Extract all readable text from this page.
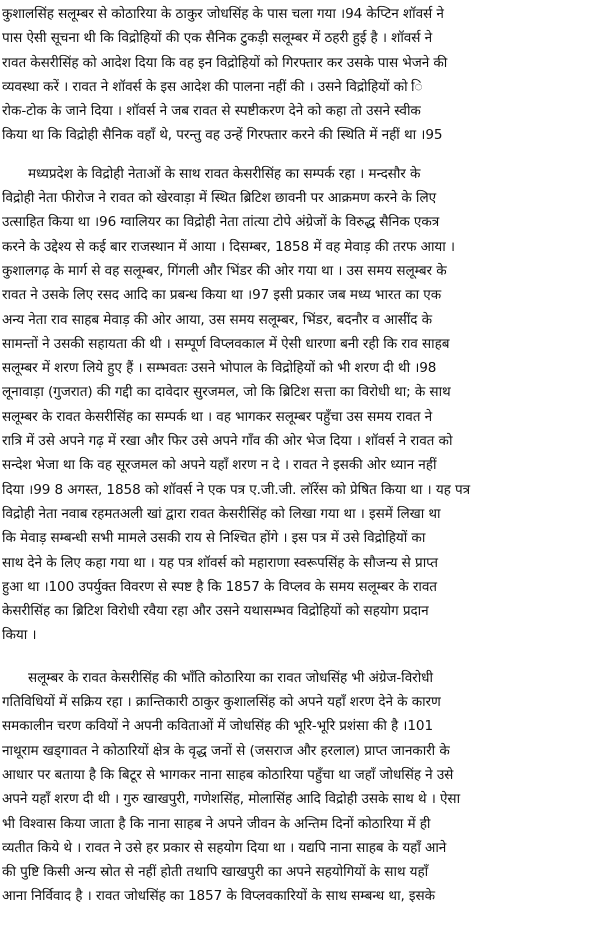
कुशालसिंह सलूम्बर से कोठारिया के ठाकुर जोधसिंह के पास चला गया ।94 केप्टिन शॉवर्स ने
पास ऐसी सूचना थी कि विद्रोहियों की एक सैनिक टुकड़ी सलूम्बर में ठहरी हुई है । शॉवर्स ने
रावत केसरीसिंह को आदेश दिया कि वह इन विद्रोहियों को गिरफ्तार कर उसके पास भेजने की
व्यवस्था करें । रावत ने शॉवर्स के इस आदेश की पालना नहीं की । उसने विद्रोहियों को ि
रोक-टोक के जाने दिया । शॉवर्स ने जब रावत से स्पष्टीकरण देने को कहा तो उसने स्वीक
किया था कि विद्रोही सैनिक वहाँ थे, परन्तु वह उन्हें गिरफ्तार करने की स्थिति में नहीं था ।95
मध्यप्रदेश के विद्रोही नेताओं के साथ रावत केसरीसिंह का सम्पर्क रहा । मन्दसौर के
विद्रोही नेता फीरोज ने रावत को खेरवाड़ा में स्थित ब्रिटिश छावनी पर आक्रमण करने के लिए
उत्साहित किया था ।96 ग्वालियर का विद्रोही नेता तांत्या टोपे अंग्रेजों के विरुद्ध सैनिक एकत्र
करने के उद्देश्य से कई बार राजस्थान में आया । दिसम्बर, 1858 में वह मेवाड़ की तरफ आया ।
कुशालगढ़ के मार्ग से वह सलूम्बर, गिंगली और भिंडर की ओर गया था । उस समय सलूम्बर के
रावत ने उसके लिए रसद आदि का प्रबन्ध किया था ।97 इसी प्रकार जब मध्य भारत का एक
अन्य नेता राव साहब मेवाड़ की ओर आया, उस समय सलूम्बर, भिंडर, बदनौर व आसींद के
सामन्तों ने उसकी सहायता की थी । सम्पूर्ण विप्लवकाल में ऐसी धारणा बनी रही कि राव साहब
सलूम्बर में शरण लिये हुए हैं । सम्भवतः उसने भोपाल के विद्रोहियों को भी शरण दी थी ।98
लूनावाड़ा (गुजरात) की गद्दी का दावेदार सुरजमल, जो कि ब्रिटिश सत्ता का विरोधी था; के साथ
सलूम्बर के रावत केसरीसिंह का सम्पर्क था । वह भागकर सलूम्बर पहुँचा उस समय रावत ने
रात्रि में उसे अपने गढ़ में रखा और फिर उसे अपने गाँव की ओर भेज दिया । शॉवर्स ने रावत को
सन्देश भेजा था कि वह सूरजमल को अपने यहाँ शरण न दे । रावत ने इसकी ओर ध्यान नहीं
दिया ।99 8 अगस्त, 1858 को शॉवर्स ने एक पत्र ए.जी.जी. लॉरेंस को प्रेषित किया था । यह पत्र
विद्रोही नेता नवाब रहमतअली खां द्वारा रावत केसरीसिंह को लिखा गया था । इसमें लिखा था
कि मेवाड़ सम्बन्धी सभी मामले उसकी राय से निश्चित होंगे । इस पत्र में उसे विद्रोहियों का
साथ देने के लिए कहा गया था । यह पत्र शॉवर्स को महाराणा स्वरूपसिंह के सौजन्य से प्राप्त
हुआ था ।100 उपर्युक्त विवरण से स्पष्ट है कि 1857 के विप्लव के समय सलूम्बर के रावत
केसरीसिंह का ब्रिटिश विरोधी रवैया रहा और उसने यथासम्भव विद्रोहियों को सहयोग प्रदान
किया ।
सलूम्बर के रावत केसरीसिंह की भाँति कोठारिया का रावत जोधसिंह भी अंग्रेज-विरोधी
गतिविधियों में सक्रिय रहा । क्रान्तिकारी ठाकुर कुशालसिंह को अपने यहाँ शरण देने के कारण
समकालीन चरण कवियों ने अपनी कविताओं में जोधसिंह की भूरि-भूरि प्रशंसा की है ।101
नाथूराम खड्गावत ने कोठारियों क्षेत्र के वृद्ध जनों से (जसराज और हरलाल) प्राप्त जानकारी के
आधार पर बताया है कि बिटूर से भागकर नाना साहब कोठारिया पहुँचा था जहाँ जोधसिंह ने उसे
अपने यहाँ शरण दी थी । गुरु खाखपुरी, गणेशसिंह, मोलासिंह आदि विद्रोही उसके साथ थे । ऐसा
भी विश्वास किया जाता है कि नाना साहब ने अपने जीवन के अन्तिम दिनों कोठारिया में ही
व्यतीत किये थे । रावत ने उसे हर प्रकार से सहयोग दिया था । यद्यपि नाना साहब के यहाँ आने
की पुष्टि किसी अन्य स्रोत से नहीं होती तथापि खाखपुरी का अपने सहयोगियों के साथ यहाँ
आना निर्विवाद है । रावत जोधसिंह का 1857 के विप्लवकारियों के साथ सम्बन्ध था, इसके
